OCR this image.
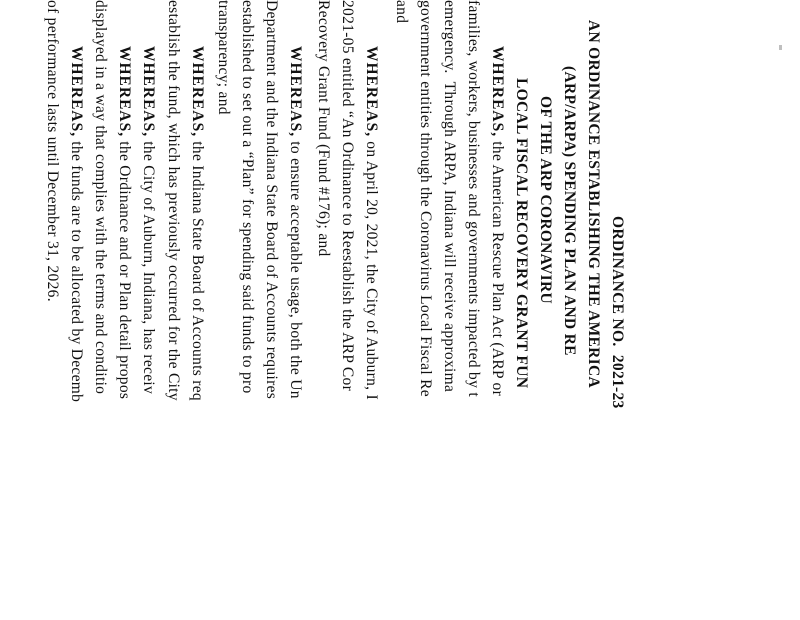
ORDINANCE NO.  2021-23
AN ORDINANCE ESTABLISHING THE AMERICA
(ARP/ARPA) SPENDING PLAN AND RE
OF THE ARP CORONAVIRU
LOCAL FISCAL RECOVERY GRANT FUN
WHEREAS, the American Rescue Plan Act (ARP or
families, workers, businesses and governments impacted by t
emergency.  Through ARPA, Indiana will receive approxima
government entities through the Coronavirus Local Fiscal Re
and
WHEREAS, on April 20, 2021, the City of Auburn, I
2021-05 entitled “An Ordinance to Reestablish the ARP Cor
Recovery Grant Fund (Fund #176); and
WHEREAS, to ensure acceptable usage, both the Un
Department and the Indiana State Board of Accounts requires
established to set out a “Plan” for spending said funds to pro
transparency; and
WHEREAS, the Indiana State Board of Accounts req
establish the fund, which has previously occurred for the City
WHEREAS, the City of Auburn, Indiana, has receiv
WHEREAS, the Ordinance and or Plan detail propos
displayed in a way that complies with the terms and conditio
WHEREAS, the funds are to be allocated by Decemb
of performance lasts until December 31, 2026.
